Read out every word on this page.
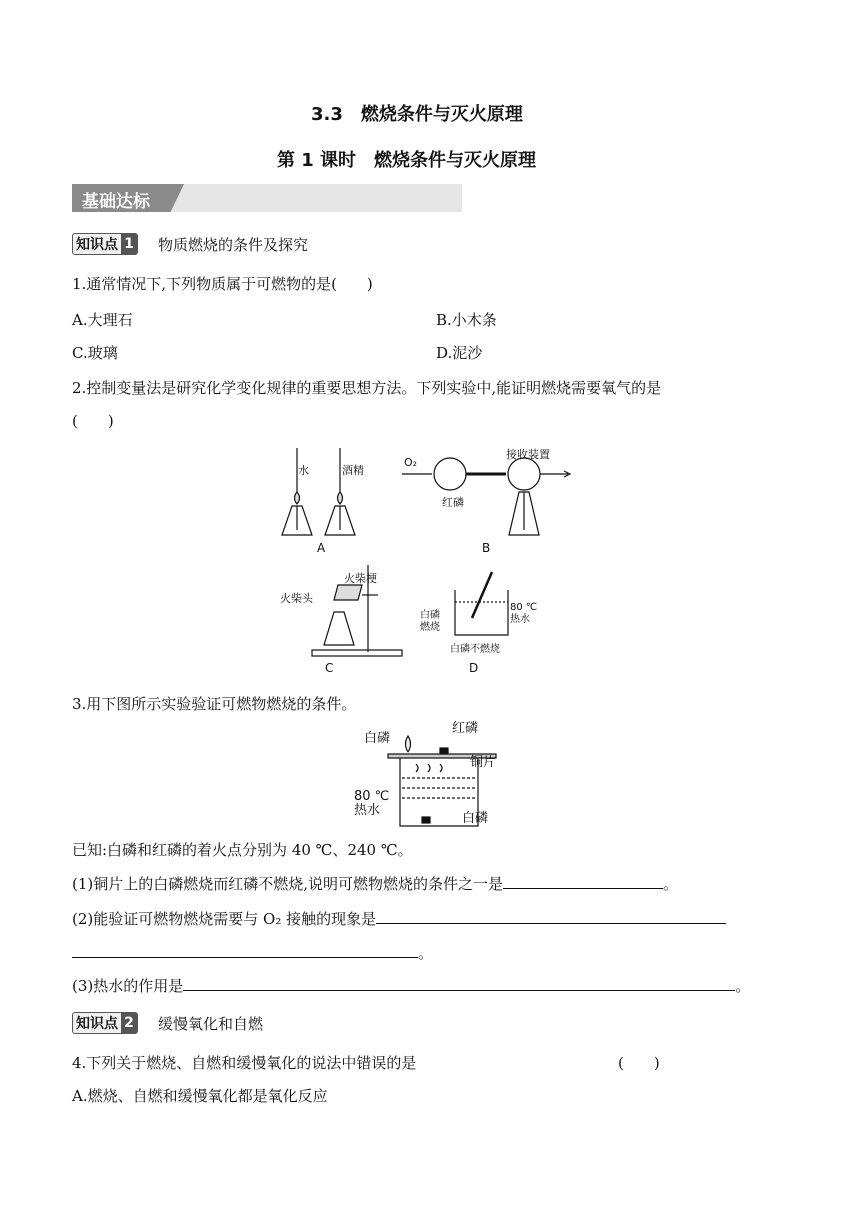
3.3　燃烧条件与灭火原理
第 1 课时　燃烧条件与灭火原理
基础达标
知识点 1 物质燃烧的条件及探究
1.通常情况下,下列物质属于可燃物的是(　　)
A.大理石	B.小木条
C.玻璃	D.泥沙
2.控制变量法是研究化学变化规律的重要思想方法。下列实验中,能证明燃烧需要氧气的是
(　　)
水	酒精
A
O₂
红磷
接收装置
B
火柴梗
火柴头
C
白磷
燃烧
80 ℃
热水
白磷不燃烧
D
3.用下图所示实验验证可燃物燃烧的条件。
白磷
红磷
铜片
80 ℃
热水
白磷
已知:白磷和红磷的着火点分别为 40 ℃、240 ℃。
(1)铜片上的白磷燃烧而红磷不燃烧,说明可燃物燃烧的条件之一是	。
(2)能验证可燃物燃烧需要与 O₂ 接触的现象是
。
(3)热水的作用是	。
知识点 2 缓慢氧化和自燃
4.下列关于燃烧、自燃和缓慢氧化的说法中错误的是	(　　)
A.燃烧、自燃和缓慢氧化都是氧化反应
